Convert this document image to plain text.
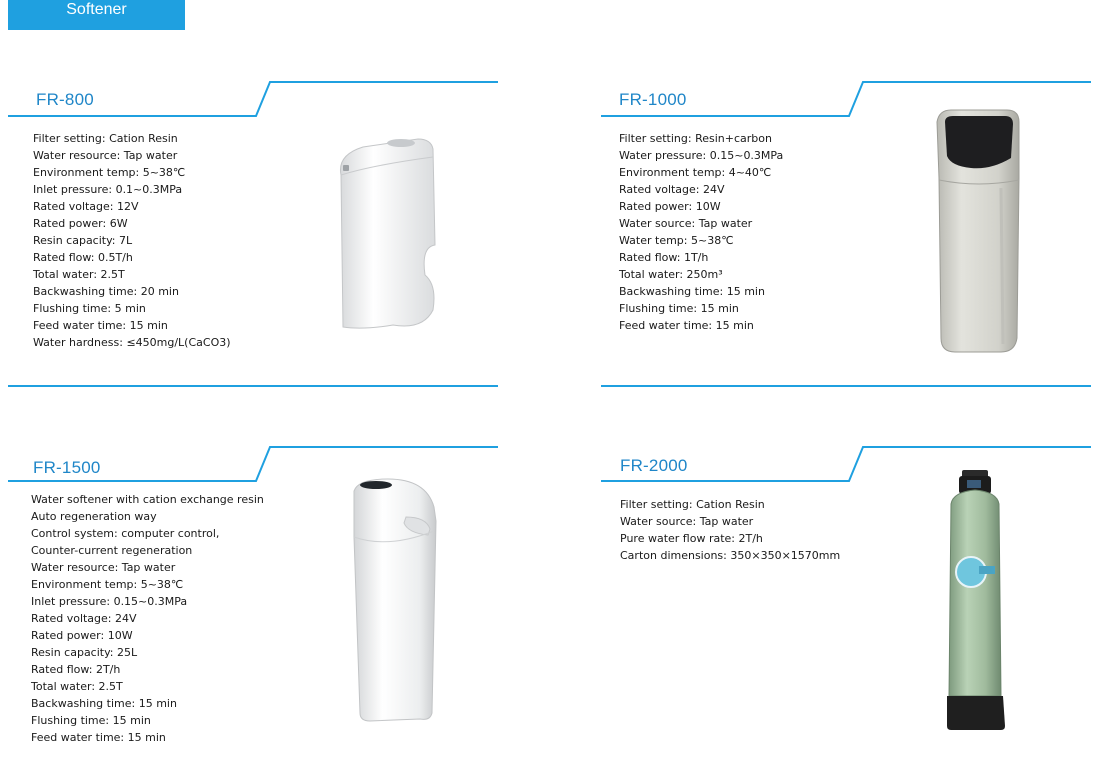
Softener
FR-800
Filter setting: Cation Resin
Water resource: Tap water
Environment temp: 5~38℃
Inlet pressure: 0.1~0.3MPa
Rated voltage: 12V
Rated power: 6W
Resin capacity: 7L
Rated flow: 0.5T/h
Total water: 2.5T
Backwashing time: 20 min
Flushing time: 5 min
Feed water time: 15 min
Water hardness: ≤450mg/L(CaCO3)
FR-1000
Filter setting: Resin+carbon
Water pressure: 0.15~0.3MPa
Environment temp: 4~40℃
Rated voltage: 24V
Rated power: 10W
Water source: Tap water
Water temp: 5~38℃
Rated flow: 1T/h
Total water: 250m³
Backwashing time: 15 min
Flushing time: 15 min
Feed water time: 15 min
FR-1500
Water softener with cation exchange resin
Auto regeneration way
Control system: computer control,
Counter-current regeneration
Water resource: Tap water
Environment temp: 5~38℃
Inlet pressure: 0.15~0.3MPa
Rated voltage: 24V
Rated power: 10W
Resin capacity: 25L
Rated flow: 2T/h
Total water: 2.5T
Backwashing time: 15 min
Flushing time: 15 min
Feed water time: 15 min
FR-2000
Filter setting: Cation Resin
Water source: Tap water
Pure water flow rate: 2T/h
Carton dimensions: 350×350×1570mm
